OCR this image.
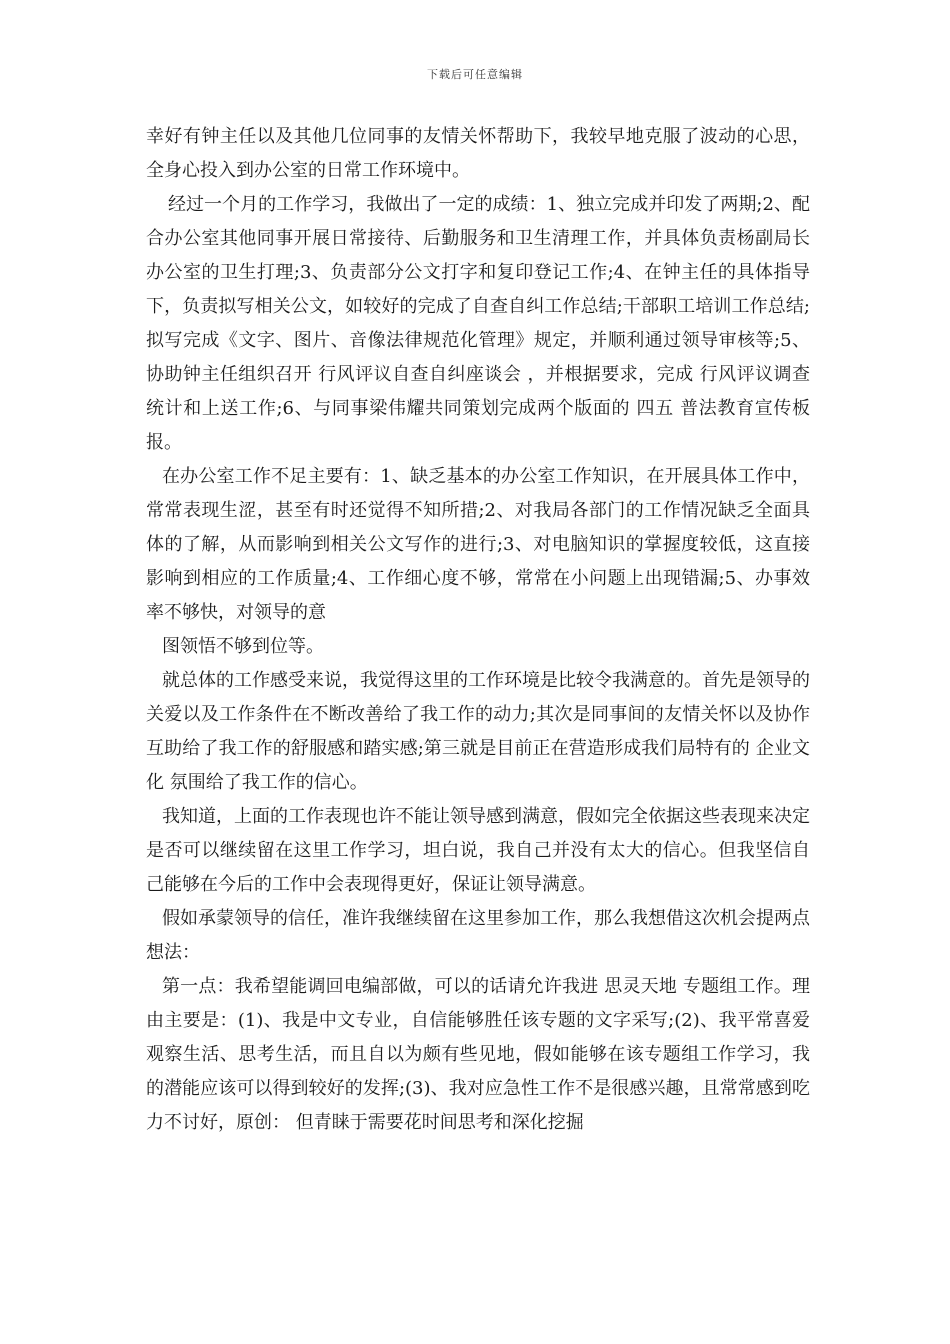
下载后可任意编辑

幸好有钟主任以及其他几位同事的友情关怀帮助下，我较早地克服了波动的心思，全身心投入到办公室的日常工作环境中。

经过一个月的工作学习，我做出了一定的成绩：1、独立完成并印发了两期;2、配合办公室其他同事开展日常接待、后勤服务和卫生清理工作，并具体负责杨副局长办公室的卫生打理;3、负责部分公文打字和复印登记工作;4、在钟主任的具体指导下，负责拟写相关公文，如较好的完成了自查自纠工作总结;干部职工培训工作总结;拟写完成《文字、图片、音像法律规范化管理》规定，并顺利通过领导审核等;5、协助钟主任组织召开 行风评议自查自纠座谈会 ，并根据要求，完成 行风评议调查 统计和上送工作;6、与同事梁伟耀共同策划完成两个版面的 四五 普法教育宣传板报。

在办公室工作不足主要有：1、缺乏基本的办公室工作知识，在开展具体工作中，常常表现生涩，甚至有时还觉得不知所措;2、对我局各部门的工作情况缺乏全面具体的了解，从而影响到相关公文写作的进行;3、对电脑知识的掌握度较低，这直接影响到相应的工作质量;4、工作细心度不够，常常在小问题上出现错漏;5、办事效率不够快，对领导的意

图领悟不够到位等。

就总体的工作感受来说，我觉得这里的工作环境是比较令我满意的。首先是领导的关爱以及工作条件在不断改善给了我工作的动力;其次是同事间的友情关怀以及协作互助给了我工作的舒服感和踏实感;第三就是目前正在营造形成我们局特有的 企业文化 氛围给了我工作的信心。

我知道，上面的工作表现也许不能让领导感到满意，假如完全依据这些表现来决定是否可以继续留在这里工作学习，坦白说，我自己并没有太大的信心。但我坚信自己能够在今后的工作中会表现得更好，保证让领导满意。

假如承蒙领导的信任，准许我继续留在这里参加工作，那么我想借这次机会提两点想法：

第一点：我希望能调回电编部做，可以的话请允许我进 思灵天地 专题组工作。理由主要是：(1)、我是中文专业，自信能够胜任该专题的文字采写;(2)、我平常喜爱观察生活、思考生活，而且自以为颇有些见地，假如能够在该专题组工作学习，我的潜能应该可以得到较好的发挥;(3)、我对应急性工作不是很感兴趣，且常常感到吃力不讨好，原创： 但青睐于需要花时间思考和深化挖掘
